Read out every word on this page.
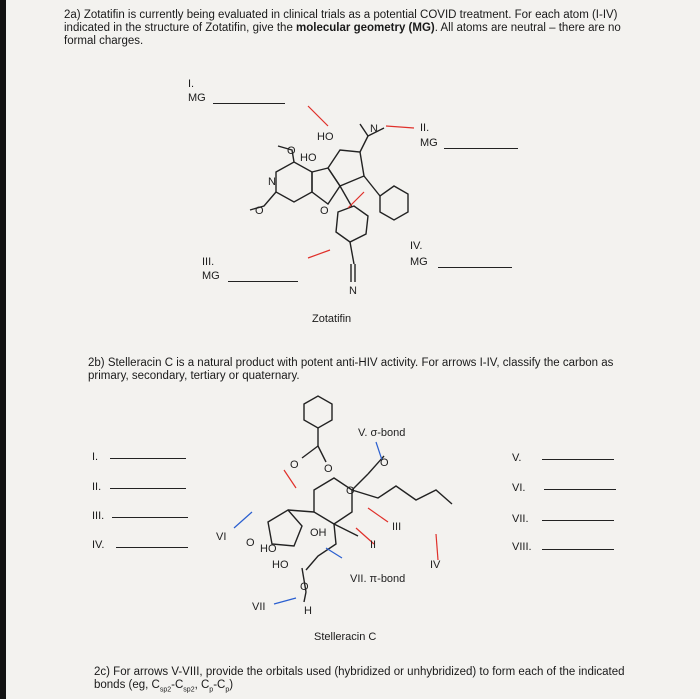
2a) Zotatifin is currently being evaluated in clinical trials as a potential COVID treatment. For each atom (I-IV) indicated in the structure of Zotatifin, give the molecular geometry (MG). All atoms are neutral – there are no formal charges.
I.
MG
II.
MG
III.
MG
IV.
MG
HO
HO
N
N
O
O	O
N
Zotatifin
2b) Stelleracin C is a natural product with potent anti-HIV activity. For arrows I-IV, classify the carbon as primary, secondary, tertiary or quaternary.
I.
II.
III.
IV.
V.
VI.
VII.
VIII.
V. σ-bond
VI
VII. π-bond
VII
II
III
IV
OH
HO
HO
H
O O	O
O
O
O
Stelleracin C
2c) For arrows V-VIII, provide the orbitals used (hybridized or unhybridized) to form each of the indicated bonds (eg, $C_{sp2}-C_{sp2}$, $C_p-C_p$)
